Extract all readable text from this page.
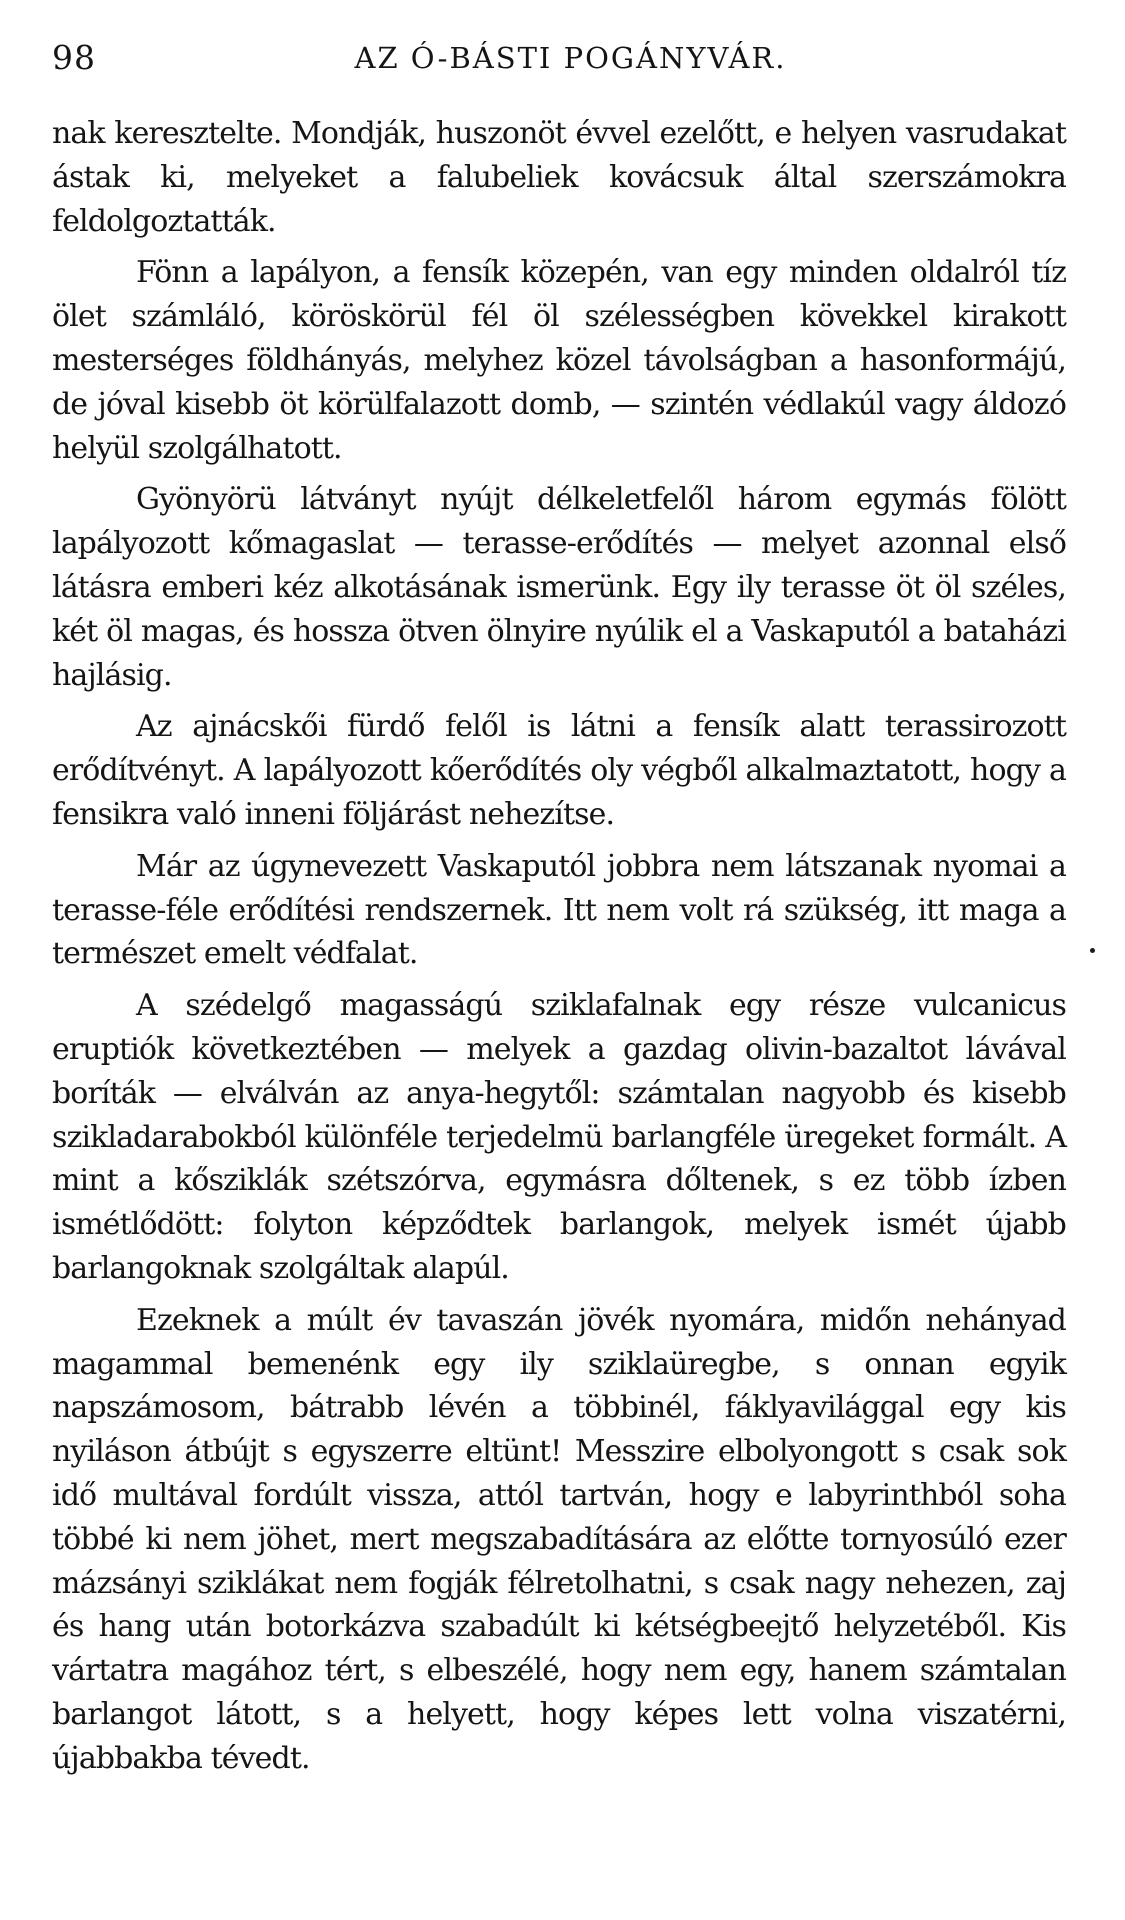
98	AZ Ó-BÁSTI POGÁNYVÁR.

nak keresztelte. Mondják, huszonöt évvel ezelőtt, e helyen vasrudakat ástak ki, melyeket a falubeliek kovácsuk által szerszámokra feldolgoztatták.

Fönn a lapályon, a fensík közepén, van egy minden oldalról tíz ölet számláló, köröskörül fél öl szélességben kövekkel kirakott mesterséges földhányás, melyhez közel távolságban a hasonformájú, de jóval kisebb öt körülfalazott domb, — szintén védlakúl vagy áldozó helyül szolgálhatott.

Gyönyörü látványt nyújt délkeletfelől három egymás fölött lapályozott kőmagaslat — terasse-erődítés — melyet azonnal első látásra emberi kéz alkotásának ismerünk. Egy ily terasse öt öl széles, két öl magas, és hossza ötven ölnyire nyúlik el a Vaskaputól a bataházi hajlásig.

Az ajnácskői fürdő felől is látni a fensík alatt terassirozott erődítvényt. A lapályozott kőerődítés oly végből alkalmaztatott, hogy a fensikra való inneni följárást nehezítse.

Már az úgynevezett Vaskaputól jobbra nem látszanak nyomai a terasse-féle erődítési rendszernek. Itt nem volt rá szükség, itt maga a természet emelt védfalat.

A szédelgő magasságú sziklafalnak egy része vulcanicus eruptiók következtében — melyek a gazdag olivin-bazaltot lávával boríták — elválván az anya-hegytől: számtalan nagyobb és kisebb szikladarabokból különféle terjedelmü barlangféle üregeket formált. A mint a kősziklák szétszórva, egymásra dőltenek, s ez több ízben ismétlődött: folyton képződtek barlangok, melyek ismét újabb barlangoknak szolgáltak alapúl.

Ezeknek a múlt év tavaszán jövék nyomára, midőn nehányad magammal bemenénk egy ily sziklaüregbe, s onnan egyik napszámosom, bátrabb lévén a többinél, fáklyavilággal egy kis nyiláson átbújt s egyszerre eltünt! Messzire elbolyongott s csak sok idő multával fordúlt vissza, attól tartván, hogy e labyrinthból soha többé ki nem jöhet, mert megszabadítására az előtte tornyosúló ezer mázsányi sziklákat nem fogják félretolhatni, s csak nagy nehezen, zaj és hang után botorkázva szabadúlt ki kétségbeejtő helyzetéből. Kis vártatra magához tért, s elbeszélé, hogy nem egy, hanem számtalan barlangot látott, s a helyett, hogy képes lett volna viszatérni, újabbakba tévedt.
